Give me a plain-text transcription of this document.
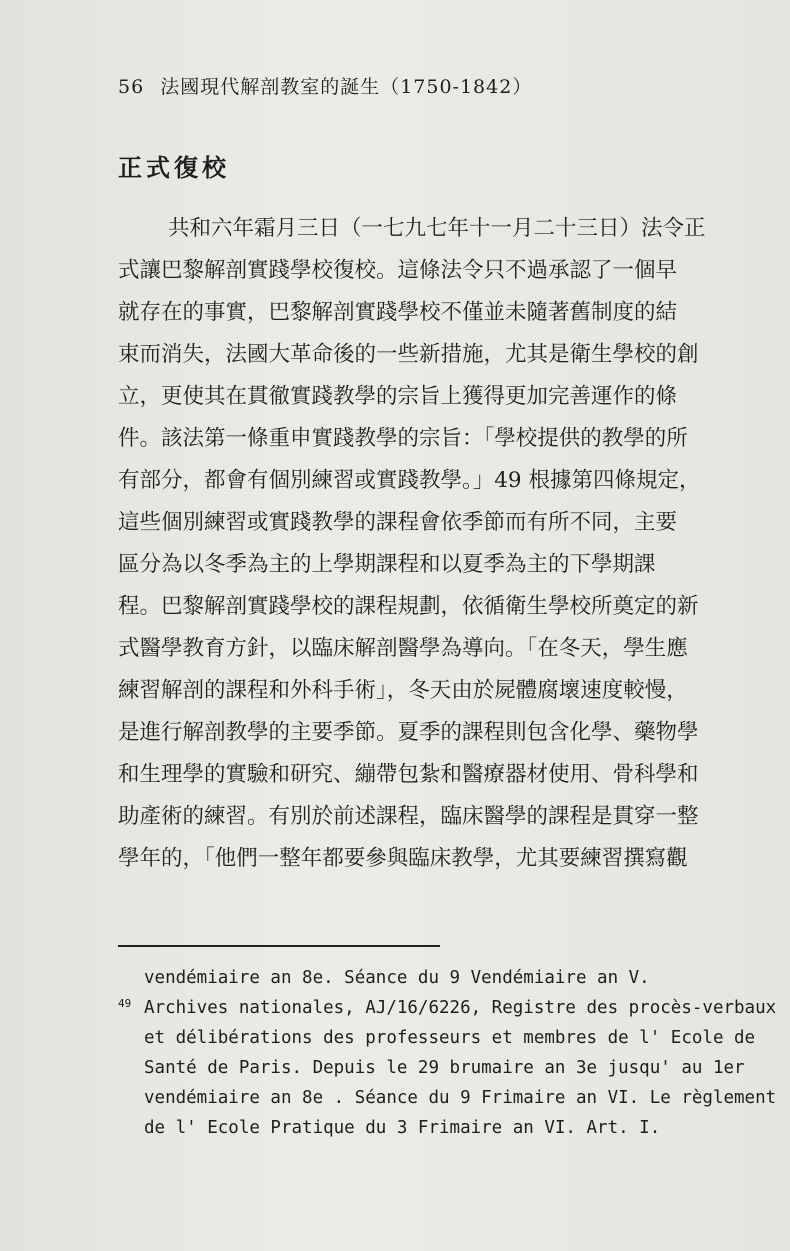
56 法國現代解剖教室的誕生（1750-1842）
正式復校
共和六年霜月三日（一七九七年十一月二十三日）法令正
式讓巴黎解剖實踐學校復校。這條法令只不過承認了一個早
就存在的事實，巴黎解剖實踐學校不僅並未隨著舊制度的結
束而消失，法國大革命後的一些新措施，尤其是衛生學校的創
立，更使其在貫徹實踐教學的宗旨上獲得更加完善運作的條
件。該法第一條重申實踐教學的宗旨：「學校提供的教學的所
有部分，都會有個別練習或實踐教學。」49 根據第四條規定，
這些個別練習或實踐教學的課程會依季節而有所不同，主要
區分為以冬季為主的上學期課程和以夏季為主的下學期課
程。巴黎解剖實踐學校的課程規劃，依循衛生學校所奠定的新
式醫學教育方針，以臨床解剖醫學為導向。「在冬天，學生應
練習解剖的課程和外科手術」，冬天由於屍體腐壞速度較慢，
是進行解剖教學的主要季節。夏季的課程則包含化學、藥物學
和生理學的實驗和研究、繃帶包紮和醫療器材使用、骨科學和
助產術的練習。有別於前述課程，臨床醫學的課程是貫穿一整
學年的，「他們一整年都要參與臨床教學，尤其要練習撰寫觀
vendémiaire an 8e. Séance du 9 Vendémiaire an V.
49 Archives nationales, AJ/16/6226, Registre des procès-verbaux
et délibérations des professeurs et membres de l' Ecole de
Santé de Paris. Depuis le 29 brumaire an 3e jusqu' au 1er
vendémiaire an 8e . Séance du 9 Frimaire an VI. Le règlement
de l' Ecole Pratique du 3 Frimaire an VI. Art. I.
